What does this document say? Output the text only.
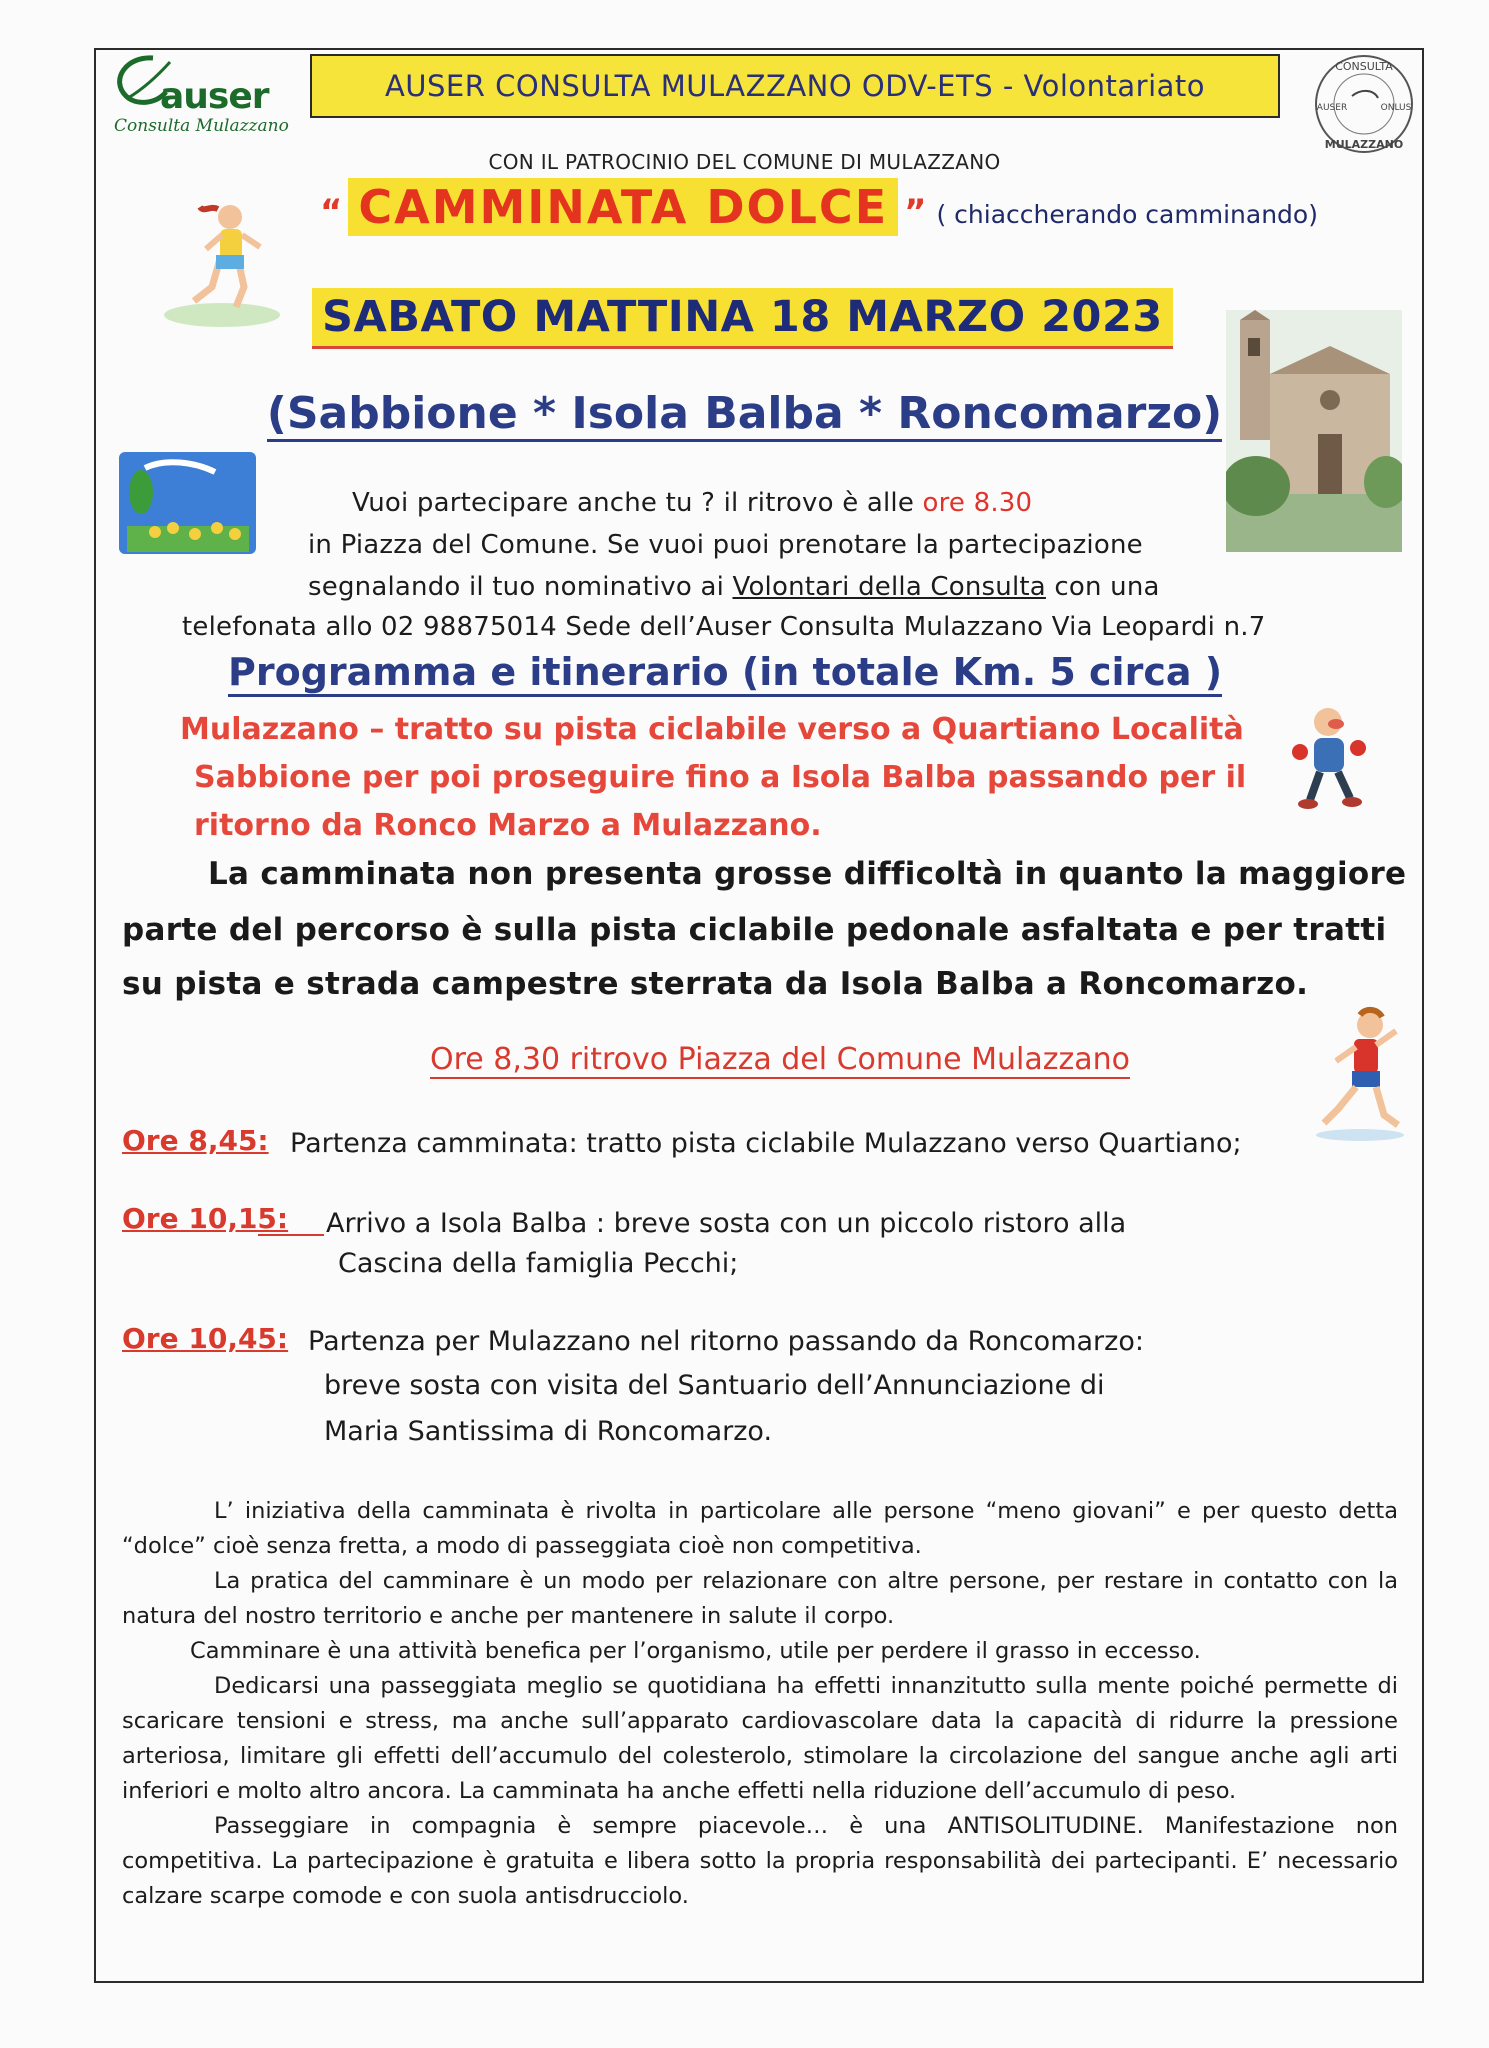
auser
Consulta Mulazzano
AUSER CONSULTA MULAZZANO ODV-ETS - Volontariato
CONSULTA
AUSER	ONLUS
MULAZZANO
CON IL PATROCINIO DEL COMUNE DI MULAZZANO
“ CAMMINATA DOLCE ” ( chiaccherando camminando)
SABATO MATTINA 18 MARZO 2023
(Sabbione * Isola Balba * Roncomarzo)
Vuoi partecipare anche tu ? il ritrovo è alle ore 8.30
in Piazza del Comune. Se vuoi puoi prenotare la partecipazione
segnalando il tuo nominativo ai Volontari della Consulta con una
telefonata allo 02 98875014 Sede dell’Auser Consulta Mulazzano Via Leopardi n.7
Programma e itinerario (in totale Km. 5 circa )
Mulazzano – tratto su pista ciclabile verso a Quartiano Località
Sabbione per poi proseguire fino a Isola Balba passando per il
ritorno da Ronco Marzo a Mulazzano.
La camminata non presenta grosse difficoltà in quanto la maggiore
parte del percorso è sulla pista ciclabile pedonale asfaltata e per tratti
su pista e strada campestre sterrata da Isola Balba a Roncomarzo.
Ore 8,30 ritrovo Piazza del Comune Mulazzano
Ore 8,45: Partenza camminata: tratto pista ciclabile Mulazzano verso Quartiano;
Ore 10,15: Arrivo a Isola Balba : breve sosta con un piccolo ristoro alla
Cascina della famiglia Pecchi;
Ore 10,45: Partenza per Mulazzano nel ritorno passando da Roncomarzo:
breve sosta con visita del Santuario dell’Annunciazione di
Maria Santissima di Roncomarzo.

L’ iniziativa della camminata è rivolta in particolare alle persone “meno giovani” e per questo detta “dolce” cioè senza fretta, a modo di passeggiata cioè non competitiva.

La pratica del camminare è un modo per relazionare con altre persone, per restare in contatto con la natura del nostro territorio e anche per mantenere in salute il corpo.

Camminare è una attività benefica per l’organismo, utile per perdere il grasso in eccesso.

Dedicarsi una passeggiata meglio se quotidiana ha effetti innanzitutto sulla mente poiché permette di scaricare tensioni e stress, ma anche sull’apparato cardiovascolare data la capacità di ridurre la pressione arteriosa, limitare gli effetti dell’accumulo del colesterolo, stimolare la circolazione del sangue anche agli arti inferiori e molto altro ancora. La camminata ha anche effetti nella riduzione dell’accumulo di peso.

Passeggiare in compagnia è sempre piacevole… è una ANTISOLITUDINE. Manifestazione non competitiva. La partecipazione è gratuita e libera sotto la propria responsabilità dei partecipanti. E’ necessario calzare scarpe comode e con suola antisdrucciolo.
